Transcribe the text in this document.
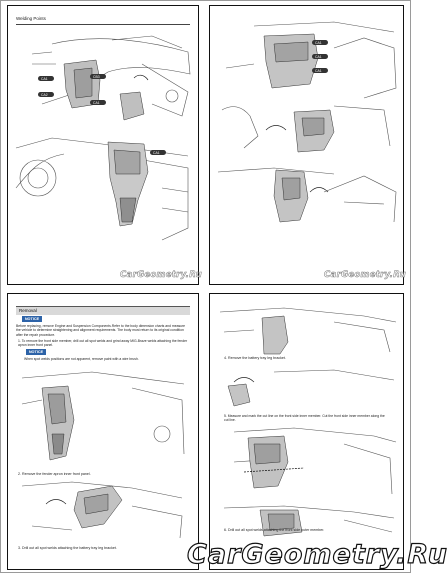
Welding Points
CA1	CB3
CA2
CA1
CA1
CarGeometry.Ru
CA1
CA1
CA1
CarGeometry.Ru
Removal
NOTICE
Before replacing, remove Engine and Suspension Components.Refer to the body dimension charts and measure the vehicle to determine straightening and alignment requirements. The body must return to its original condition after the repair procedure.
1. To remove the front side member, drill out all spot welds and grind away MIG-Braze welds attaching the fender apron inner front panel.
NOTICE
When spot welds positions are not apparent, remove paint with a wire brush.
2. Remove the fender apron inner front panel.
3. Drill out all spot welds attaching the battery tray leg bracket.
4. Remove the battery tray leg bracket.
5. Measure and mark the cut line on the front side inner member. Cut the front side inner member along the cut line.
6. Drill out all spot welds attaching the front side outer member.
CarGeometry.Ru
